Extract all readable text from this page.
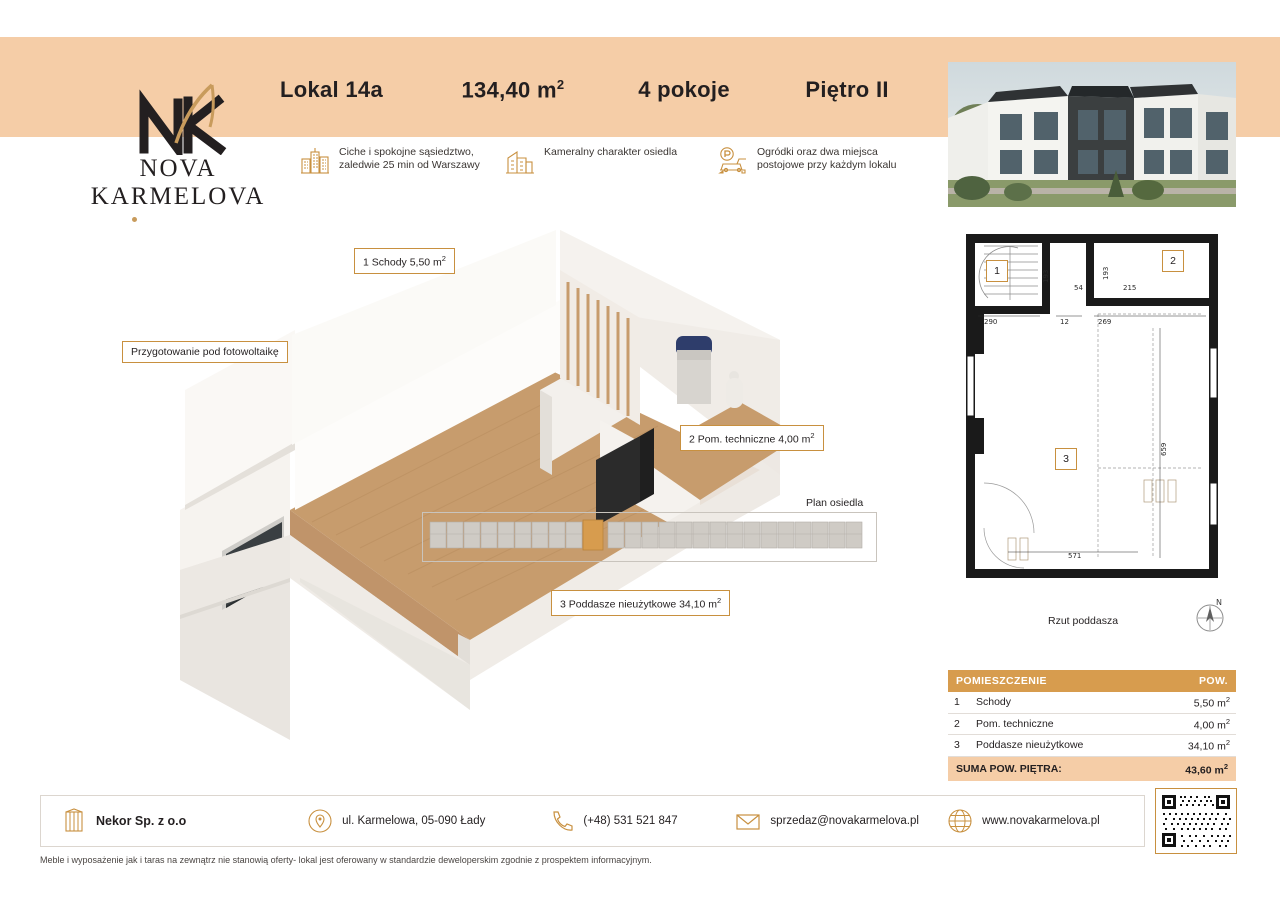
NOVA
KARMELOVA
Lokal 14a	134,40 $m^2$	4 pokoje	Piętro II
Ciche i spokojne sąsiedztwo, zaledwie 25 min od Warszawy
Kameralny charakter osiedla	Ogródki oraz dwa miejsca postojowe przy każdym lokalu
Przygotowanie pod fotowoltaikę
1 Schody 5,50 $m^2$
2 Pom. techniczne 4,00 $m^2$
3 Poddasze nieużytkowe 34,10 $m^2$
Plan osiedla
290	12
54
269
215
659
571
193	193
1
2
3
Rzut poddasza
N
POMIESZCZENIE		POW.
1	Schody	5,50 $m^2$
2	Pom. techniczne	4,00 $m^2$
3	Poddasze nieużytkowe	34,10 $m^2$
SUMA POW. PIĘTRA:		43,60 $m^2$
Nekor Sp. z o.o	ul. Karmelowa, 05-090 Łady	(+48) 531 521 847	sprzedaz@novakarmelova.pl	www.novakarmelova.pl
Meble i wyposażenie jak i taras na zewnątrz nie stanowią oferty- lokal jest oferowany w standardzie deweloperskim zgodnie z prospektem informacyjnym.
